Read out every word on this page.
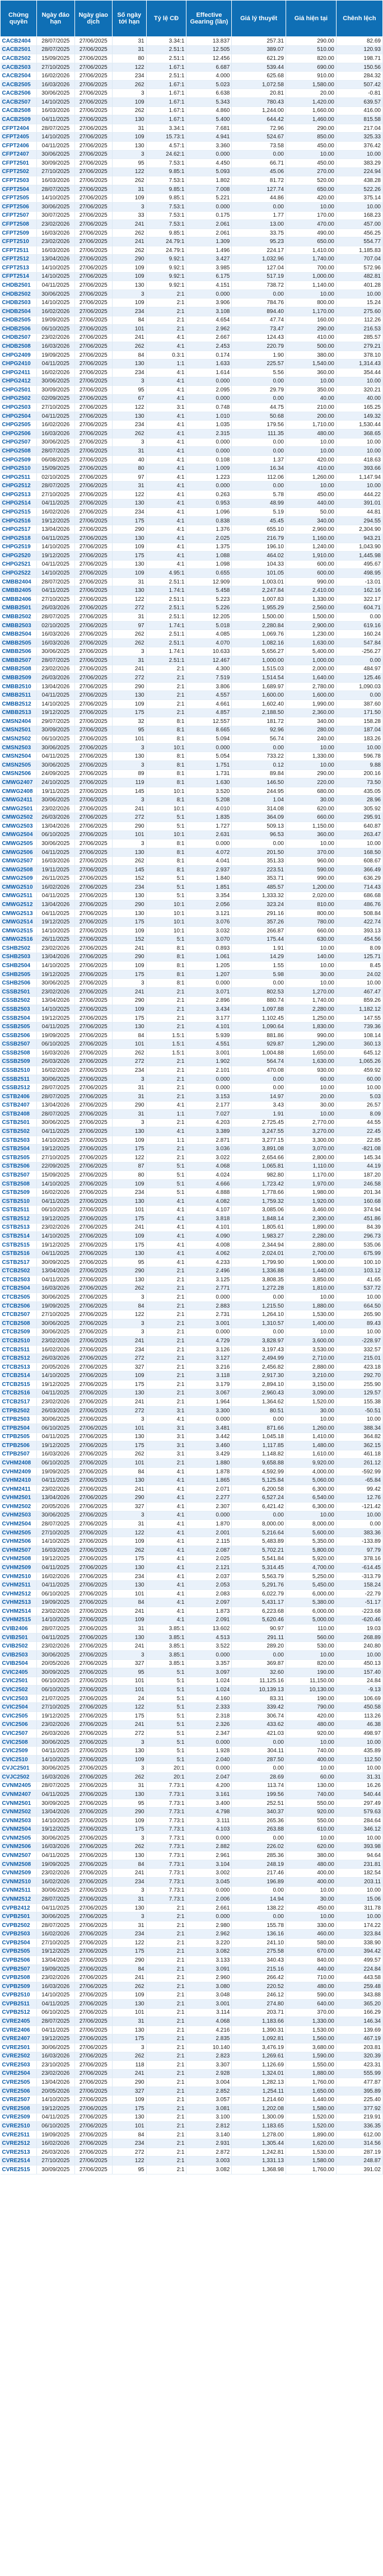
Chứng quyền	Ngày đáo hạn	Ngày giao dịch	Số ngày tới hạn	Tỷ lệ CĐ	Effective Gearing (lần)	Giá lý thuyết	Giá hiện tại	Chênh lệch
CACB2404	28/07/2025	27/06/2025	31	3.34:1	13.837	257.31	290.00	82.69
CACB2501	28/07/2025	27/06/2025	31	2.51:1	12.505	389.07	510.00	120.93
CACB2502	15/09/2025	27/06/2025	80	2.51:1	12.456	621.29	820.00	198.71
CACB2503	27/10/2025	27/06/2025	122	1.67:1	6.687	539.44	690.00	150.56
CACB2504	16/02/2026	27/06/2025	234	2.51:1	4.000	625.68	910.00	284.32
CACB2505	16/03/2026	27/06/2025	262	1.67:1	5.023	1,072.58	1,580.00	507.42
CACB2506	30/06/2025	27/06/2025	3	1.67:1	6.638	20.81	20.00	-0.81
CACB2507	14/10/2025	27/06/2025	109	1.67:1	5.343	780.43	1,420.00	639.57
CACB2508	16/03/2026	27/06/2025	262	1.67:1	4.860	1,244.00	1,660.00	416.00
CACB2509	04/11/2025	27/06/2025	130	1.67:1	5.400	644.42	1,460.00	815.58
CFPT2404	28/07/2025	27/06/2025	31	3.34:1	7.681	72.96	290.00	217.04
CFPT2405	14/10/2025	27/06/2025	109	15.73:1	4.941	524.67	850.00	325.33
CFPT2406	04/11/2025	27/06/2025	130	4.57:1	3.360	73.58	450.00	376.42
CFPT2407	30/06/2025	27/06/2025	3	24.62:1	0.000	0.00	10.00	10.00
CFPT2501	30/09/2025	27/06/2025	95	7.53:1	4.450	66.71	450.00	383.29
CFPT2502	27/10/2025	27/06/2025	122	9.85:1	5.093	45.06	270.00	224.94
CFPT2503	16/03/2026	27/06/2025	262	7.53:1	1.802	81.72	520.00	438.28
CFPT2504	28/07/2025	27/06/2025	31	9.85:1	7.008	127.74	650.00	522.26
CFPT2505	14/10/2025	27/06/2025	109	9.85:1	5.221	44.86	420.00	375.14
CFPT2506	30/06/2025	27/06/2025	3	7.53:1	0.000	0.00	10.00	10.00
CFPT2507	30/07/2025	27/06/2025	33	7.53:1	0.175	1.77	170.00	168.23
CFPT2508	23/02/2026	27/06/2025	241	7.53:1	2.061	13.00	470.00	457.00
CFPT2509	16/03/2026	27/06/2025	262	9.85:1	2.061	33.75	490.00	456.25
CFPT2510	23/02/2026	27/06/2025	241	24.79:1	1.309	95.23	650.00	554.77
CFPT2511	16/03/2026	27/06/2025	262	24.79:1	1.496	224.17	1,410.00	1,185.83
CFPT2512	13/04/2026	27/06/2025	290	9.92:1	3.427	1,032.96	1,740.00	707.04
CFPT2513	14/10/2025	27/06/2025	109	9.92:1	3.985	127.04	700.00	572.96
CFPT2514	14/10/2025	27/06/2025	109	9.92:1	6.175	517.19	1,000.00	482.81
CHDB2501	04/11/2025	27/06/2025	130	9.92:1	4.151	738.72	1,140.00	401.28
CHDB2502	30/06/2025	27/06/2025	3	2:1	0.000	0.00	10.00	10.00
CHDB2503	14/10/2025	27/06/2025	109	2:1	3.906	784.76	800.00	15.24
CHDB2504	16/02/2026	27/06/2025	234	2:1	3.108	894.40	1,170.00	275.60
CHDB2505	19/09/2025	27/06/2025	84	2:1	4.654	47.74	160.00	112.26
CHDB2506	06/10/2025	27/06/2025	101	2:1	2.962	73.47	290.00	216.53
CHDB2507	23/02/2026	27/06/2025	241	4:1	2.667	124.43	410.00	285.57
CHDB2508	16/03/2026	27/06/2025	262	4:1	2.453	220.79	500.00	279.21
CHPG2409	19/09/2025	27/06/2025	84	0.3:1	0.174	1.90	380.00	378.10
CHPG2410	04/11/2025	27/06/2025	130	1:1	1.633	225.57	1,540.00	1,314.43
CHPG2411	16/02/2026	27/06/2025	234	4:1	1.614	5.56	360.00	354.44
CHPG2412	30/06/2025	27/06/2025	3	4:1	0.000	0.00	10.00	10.00
CHPG2501	30/09/2025	27/06/2025	95	4:1	2.095	29.79	350.00	320.21
CHPG2502	02/09/2025	27/06/2025	67	4:1	0.000	0.00	40.00	40.00
CHPG2503	27/10/2025	27/06/2025	122	3:1	0.748	44.75	210.00	165.25
CHPG2504	04/11/2025	27/06/2025	130	4:1	1.010	50.68	200.00	149.32
CHPG2505	16/02/2026	27/06/2025	234	4:1	1.035	179.56	1,710.00	1,530.44
CHPG2506	16/03/2026	27/06/2025	262	4:1	2.315	111.35	480.00	368.65
CHPG2507	30/06/2025	27/06/2025	3	4:1	0.000	0.00	10.00	10.00
CHPG2508	28/07/2025	27/06/2025	31	4:1	0.000	0.00	10.00	10.00
CHPG2509	06/08/2025	27/06/2025	40	4:1	0.108	1.37	420.00	418.63
CHPG2510	15/09/2025	27/06/2025	80	4:1	1.009	16.34	410.00	393.66
CHPG2511	02/10/2025	27/06/2025	97	4:1	1.223	112.06	1,260.00	1,147.94
CHPG2512	28/07/2025	27/06/2025	31	4:1	0.000	0.00	10.00	10.00
CHPG2513	27/10/2025	27/06/2025	122	4:1	0.263	5.78	450.00	444.22
CHPG2514	04/11/2025	27/06/2025	130	4:1	0.953	48.99	440.00	391.01
CHPG2515	16/02/2026	27/06/2025	234	4:1	1.096	5.19	50.00	44.81
CHPG2516	19/12/2025	27/06/2025	175	4:1	0.838	45.45	340.00	294.55
CHPG2517	13/04/2026	27/06/2025	290	4:1	1.376	655.10	2,960.00	2,304.90
CHPG2518	04/11/2025	27/06/2025	130	4:1	2.025	216.79	1,160.00	943.21
CHPG2519	14/10/2025	27/06/2025	109	4:1	1.375	196.10	1,240.00	1,043.90
CHPG2520	19/12/2025	27/06/2025	175	4:1	1.088	464.02	1,910.00	1,445.98
CHPG2521	04/11/2025	27/06/2025	130	4:1	1.098	104.33	600.00	495.67
CHPG2522	14/10/2025	27/06/2025	109	4.95:1	0.655	101.05	600.00	498.95
CMBB2404	28/07/2025	27/06/2025	31	2.51:1	12.909	1,003.01	990.00	-13.01
CMBB2405	04/11/2025	27/06/2025	130	1.74:1	5.458	2,247.84	2,410.00	162.16
CMBB2406	27/10/2025	27/06/2025	122	2.51:1	5.223	1,007.83	1,330.00	322.17
CMBB2501	26/03/2026	27/06/2025	272	2.51:1	5.226	1,955.29	2,560.00	604.71
CMBB2502	28/07/2025	27/06/2025	31	2.51:1	12.205	1,500.00	1,500.00	0.00
CMBB2503	02/10/2025	27/06/2025	97	1.74:1	5.018	2,280.84	2,900.00	619.16
CMBB2504	16/03/2026	27/06/2025	262	2.51:1	4.085	1,069.76	1,230.00	160.24
CMBB2505	16/03/2026	27/06/2025	262	2.51:1	4.070	1,082.16	1,630.00	547.84
CMBB2506	30/06/2025	27/06/2025	3	1.74:1	10.633	5,656.27	5,400.00	-256.27
CMBB2507	28/07/2025	27/06/2025	31	2.51:1	12.467	1,000.00	1,000.00	0.00
CMBB2508	23/02/2026	27/06/2025	241	2:1	4.300	1,515.03	2,000.00	484.97
CMBB2509	26/03/2026	27/06/2025	272	2:1	7.519	1,514.54	1,640.00	125.46
CMBB2510	13/04/2026	27/06/2025	290	2:1	3.806	1,689.97	2,780.00	1,090.03
CMBB2511	04/11/2025	27/06/2025	130	2:1	4.557	1,600.00	1,600.00	0.00
CMBB2512	14/10/2025	27/06/2025	109	2:1	4.661	1,602.40	1,990.00	387.60
CMBB2513	19/12/2025	27/06/2025	175	2:1	4.857	2,188.50	2,360.00	171.50
CMSN2404	29/07/2025	27/06/2025	32	8:1	12.557	181.72	340.00	158.28
CMSN2501	30/09/2025	27/06/2025	95	8:1	8.665	92.96	280.00	187.04
CMSN2502	06/10/2025	27/06/2025	101	8:1	5.094	56.74	240.00	183.26
CMSN2503	30/06/2025	27/06/2025	3	10:1	0.000	0.00	10.00	10.00
CMSN2504	04/11/2025	27/06/2025	130	8:1	5.054	733.22	1,330.00	596.78
CMSN2505	30/06/2025	27/06/2025	3	8:1	1.751	0.12	10.00	9.88
CMSN2506	24/09/2025	27/06/2025	89	8:1	1.731	89.84	290.00	200.16
CMWG2407	24/10/2025	27/06/2025	119	8:1	1.630	146.50	220.00	73.50
CMWG2408	19/11/2025	27/06/2025	145	10:1	3.520	244.95	680.00	435.05
CMWG2411	30/06/2025	27/06/2025	3	8:1	5.208	1.04	30.00	28.96
CMWG2501	23/02/2026	27/06/2025	241	10:1	4.010	314.08	620.00	305.92
CMWG2502	26/03/2026	27/06/2025	272	5:1	1.835	364.09	660.00	295.91
CMWG2503	13/04/2026	27/06/2025	290	5:1	1.727	509.13	1,150.00	640.87
CMWG2504	06/10/2025	27/06/2025	101	10:1	2.631	96.53	360.00	263.47
CMWG2505	30/06/2025	27/06/2025	3	8:1	0.000	0.00	10.00	10.00
CMWG2506	04/11/2025	27/06/2025	130	8:1	4.072	201.50	370.00	168.50
CMWG2507	16/03/2026	27/06/2025	262	8:1	4.041	351.33	960.00	608.67
CMWG2508	19/11/2025	27/06/2025	145	8:1	2.937	223.51	590.00	366.49
CMWG2509	26/11/2025	27/06/2025	152	5:1	1.840	353.71	990.00	636.29
CMWG2510	16/02/2026	27/06/2025	234	5:1	1.851	485.57	1,200.00	714.43
CMWG2511	04/11/2025	27/06/2025	130	5:1	3.354	1,333.32	2,020.00	686.68
CMWG2512	13/04/2026	27/06/2025	290	10:1	2.056	323.24	810.00	486.76
CMWG2513	04/11/2025	27/06/2025	130	10:1	3.121	291.16	800.00	508.84
CMWG2514	19/12/2025	27/06/2025	175	10:1	3.076	357.26	780.00	422.74
CMWG2515	14/10/2025	27/06/2025	109	10:1	3.032	266.87	660.00	393.13
CMWG2516	26/11/2025	27/06/2025	152	5:1	3.070	175.44	630.00	454.56
CSHB2502	23/02/2026	27/06/2025	241	8:1	0.893	1.91	10.00	8.09
CSHB2503	13/04/2026	27/06/2025	290	8:1	1.061	14.29	140.00	125.71
CSHB2504	14/10/2025	27/06/2025	109	8:1	1.205	1.55	10.00	8.45
CSHB2505	19/12/2025	27/06/2025	175	8:1	1.207	5.98	30.00	24.02
CSHB2506	30/06/2025	27/06/2025	3	8:1	0.000	0.00	10.00	10.00
CSSB2501	23/02/2026	27/06/2025	241	2:1	3.071	802.53	1,270.00	467.47
CSSB2502	13/04/2026	27/06/2025	290	2:1	2.896	880.74	1,740.00	859.26
CSSB2503	14/10/2025	27/06/2025	109	2:1	3.434	1,097.88	2,280.00	1,182.12
CSSB2504	19/12/2025	27/06/2025	175	2:1	3.177	1,102.45	1,250.00	147.55
CSSB2505	04/11/2025	27/06/2025	130	2:1	4.101	1,090.64	1,830.00	739.36
CSSB2506	19/09/2025	27/06/2025	84	1.5:1	5.939	881.86	990.00	108.14
CSSB2507	06/10/2025	27/06/2025	101	1.5:1	4.551	929.87	1,290.00	360.13
CSSB2508	16/03/2026	27/06/2025	262	1.5:1	3.001	1,004.88	1,650.00	645.12
CSSB2509	26/03/2026	27/06/2025	272	2:1	1.902	564.74	1,630.00	1,065.26
CSSB2510	16/02/2026	27/06/2025	234	2:1	2.101	470.08	930.00	459.92
CSSB2511	30/06/2025	27/06/2025	3	2:1	0.000	0.00	60.00	60.00
CSSB2512	28/07/2025	27/06/2025	31	2:1	0.000	0.00	10.00	10.00
CSTB2406	28/07/2025	27/06/2025	31	2:1	3.153	14.97	20.00	5.03
CSTB2407	13/04/2026	27/06/2025	290	4:1	2.177	3.43	30.00	26.57
CSTB2408	28/07/2025	27/06/2025	31	1:1	7.027	1.91	10.00	8.09
CSTB2501	30/06/2025	27/06/2025	3	2:1	4.203	2.725.45	2,770.00	44.55
CSTB2502	04/11/2025	27/06/2025	130	4:1	3.389	3,247.55	3,270.00	22.45
CSTB2503	14/10/2025	27/06/2025	109	1:1	2.871	3,277.15	3,300.00	22.85
CSTB2504	19/12/2025	27/06/2025	175	2:1	3.036	3,891.08	3,070.00	-821.08
CSTB2505	27/10/2025	27/06/2025	122	2:1	3.022	2,654.66	2,800.00	145.34
CSTB2506	22/09/2025	27/06/2025	87	5:1	4.068	1,065.81	1,110.00	44.19
CSTB2507	15/09/2025	27/06/2025	80	5:1	4.024	982.80	1,170.00	187.20
CSTB2508	14/10/2025	27/06/2025	109	5:1	4.666	1,723.42	1,970.00	246.58
CSTB2509	16/02/2026	27/06/2025	234	5:1	4.888	1,778.66	1,980.00	201.34
CSTB2510	04/11/2025	27/06/2025	130	4:1	4.082	1,759.32	1,920.00	160.68
CSTB2511	06/10/2025	27/06/2025	101	4:1	4.107	3,085.06	3,460.00	374.94
CSTB2512	19/12/2025	27/06/2025	175	4:1	3.818	1,848.14	2,300.00	451.86
CSTB2513	23/02/2026	27/06/2025	241	4:1	4.101	1,805.61	1,890.00	84.39
CSTB2514	14/10/2025	27/06/2025	109	4:1	4.090	1,983.27	2,280.00	296.73
CSTB2515	19/12/2025	27/06/2025	175	4:1	4.008	2,344.94	2,880.00	535.06
CSTB2516	04/11/2025	27/06/2025	130	4:1	4.062	2,024.01	2,700.00	675.99
CSTB2517	30/09/2025	27/06/2025	95	4:1	4.233	1,799.90	1,900.00	100.10
CTCB2502	13/04/2026	27/06/2025	290	2:1	2.496	1,336.88	1,440.00	103.12
CTCB2503	04/11/2025	27/06/2025	130	2:1	3.125	3,808.35	3,850.00	41.65
CTCB2504	16/03/2026	27/06/2025	262	2:1	2.771	1,272.28	1,810.00	537.72
CTCB2505	30/06/2025	27/06/2025	3	2:1	0.000	0.00	10.00	10.00
CTCB2506	19/09/2025	27/06/2025	84	2:1	2.883	1,215.50	1,880.00	664.50
CTCB2507	27/10/2025	27/06/2025	122	2:1	2.731	1,264.10	1,530.00	265.90
CTCB2508	30/06/2025	27/06/2025	3	2:1	3.001	1,310.57	1,400.00	89.43
CTCB2509	30/06/2025	27/06/2025	3	2:1	0.000	0.00	10.00	10.00
CTCB2510	23/02/2026	27/06/2025	241	2:1	4.729	3,828.97	3,600.00	-228.97
CTCB2511	16/02/2026	27/06/2025	234	2:1	3.126	3,197.43	3,530.00	332.57
CTCB2512	26/03/2026	27/06/2025	272	2:1	3.127	2,494.99	2,710.00	215.01
CTCB2513	20/05/2026	27/06/2025	327	2:1	3.216	2,456.82	2,880.00	423.18
CTCB2514	14/10/2025	27/06/2025	109	2:1	3.118	2,917.30	3,210.00	292.70
CTCB2515	19/12/2025	27/06/2025	175	2:1	3.179	2,894.10	3,150.00	255.90
CTCB2516	04/11/2025	27/06/2025	130	2:1	3.067	2,960.43	3,090.00	129.57
CTCB2517	23/02/2026	27/06/2025	241	2:1	1.964	1,364.62	1,520.00	155.38
CTPB2502	26/03/2026	27/06/2025	272	3:1	3.300	80.51	30.00	-50.51
CTPB2503	30/06/2025	27/06/2025	3	4:1	0.000	0.00	10.00	10.00
CTPB2504	06/10/2025	27/06/2025	101	3:1	3.481	871.66	1,260.00	388.34
CTPB2505	04/11/2025	27/06/2025	130	3:1	3.442	1,045.18	1,410.00	364.82
CTPB2506	19/12/2025	27/06/2025	175	3:1	3.460	1,117.85	1,480.00	362.15
CTPB2507	16/03/2026	27/06/2025	262	3:1	3.429	1,148.82	1,610.00	461.18
CVHM2408	06/10/2025	27/06/2025	101	2:1	1.880	9,658.88	9,920.00	261.12
CVHM2409	19/09/2025	27/06/2025	84	4:1	1.878	4,592.99	4,000.00	-592.99
CVHM2410	04/11/2025	27/06/2025	130	4:1	1.865	5,125.84	5,060.00	-65.84
CVHM2411	23/02/2026	27/06/2025	241	4:1	2.071	6,200.58	6,300.00	99.42
CVHM2501	13/04/2026	27/06/2025	290	4:1	2.277	6,527.24	6,540.00	12.76
CVHM2502	20/05/2026	27/06/2025	327	4:1	2.307	6,421.42	6,300.00	-121.42
CVHM2503	30/06/2025	27/06/2025	3	4:1	0.000	0.00	10.00	10.00
CVHM2504	28/07/2025	27/06/2025	31	4:1	1.870	8,000.00	8,000.00	0.00
CVHM2505	27/10/2025	27/06/2025	122	4:1	2.001	5,216.64	5,600.00	383.36
CVHM2506	14/10/2025	27/06/2025	109	4:1	2.115	5,483.89	5,350.00	-133.89
CVHM2507	16/03/2026	27/06/2025	262	4:1	2.087	5,702.21	5,800.00	97.79
CVHM2508	19/12/2025	27/06/2025	175	4:1	2.025	5,541.84	5,920.00	378.16
CVHM2509	04/11/2025	27/06/2025	130	4:1	2.121	5,314.45	4,700.00	-614.45
CVHM2510	16/02/2026	27/06/2025	234	4:1	2.037	5,563.79	5,250.00	-313.79
CVHM2511	04/11/2025	27/06/2025	130	4:1	2.053	5,291.76	5,450.00	158.24
CVHM2512	06/10/2025	27/06/2025	101	4:1	2.083	6,022.79	6,000.00	-22.79
CVHM2513	19/09/2025	27/06/2025	84	4:1	2.097	5,431.17	5,380.00	-51.17
CVHM2514	23/02/2026	27/06/2025	241	4:1	1.873	6,223.68	6,000.00	-223.68
CVHM2515	14/10/2025	27/06/2025	109	4:1	2.091	5,620.46	5,000.00	-620.46
CVIB2406	28/07/2025	27/06/2025	31	3.85:1	13.602	90.97	110.00	19.03
CVIB2501	04/11/2025	27/06/2025	130	3.85:1	4.513	291.11	560.00	268.89
CVIB2502	23/02/2026	27/06/2025	241	3.85:1	3.522	289.20	530.00	240.80
CVIB2503	30/06/2025	27/06/2025	3	3.85:1	0.000	0.00	10.00	10.00
CVIB2504	20/05/2026	27/06/2025	327	3.85:1	3.357	369.87	820.00	450.13
CVIC2405	30/09/2025	27/06/2025	95	5:1	3.097	32.60	190.00	157.40
CVIC2501	06/10/2025	27/06/2025	101	5:1	1.024	11,125.16	11,150.00	24.84
CVIC2502	06/10/2025	27/06/2025	101	5:1	1.024	10,139.13	10,130.00	-9.13
CVIC2503	21/07/2025	27/06/2025	24	5:1	4.160	83.31	190.00	106.69
CVIC2504	27/10/2025	27/06/2025	122	5:1	2.333	339.42	790.00	450.58
CVIC2505	19/12/2025	27/06/2025	175	5:1	2.318	306.74	420.00	113.26
CVIC2506	23/02/2026	27/06/2025	241	5:1	2.326	433.62	480.00	46.38
CVIC2507	26/03/2026	27/06/2025	272	5:1	2.347	421.03	920.00	498.97
CVIC2508	30/06/2025	27/06/2025	3	5:1	0.000	0.00	10.00	10.00
CVIC2509	04/11/2025	27/06/2025	130	5:1	1.928	304.11	740.00	435.89
CVIC2510	14/10/2025	27/06/2025	109	5:1	2.040	287.50	400.00	112.50
CVJC2501	30/06/2025	27/06/2025	3	20:1	0.000	0.00	10.00	10.00
CVJC2502	16/03/2026	27/06/2025	262	20:1	2.047	28.69	60.00	31.31
CVNM2405	28/07/2025	27/06/2025	31	7.73:1	4.200	113.74	130.00	16.26
CVNM2407	04/11/2025	27/06/2025	130	7.73:1	3.161	199.56	740.00	540.44
CVNM2501	30/09/2025	27/06/2025	95	7.73:1	3.400	252.51	550.00	297.49
CVNM2502	13/04/2026	27/06/2025	290	7.73:1	4.798	340.37	920.00	579.63
CVNM2503	14/10/2025	27/06/2025	109	7.73:1	3.111	265.36	550.00	284.64
CVNM2504	19/12/2025	27/06/2025	175	7.73:1	4.103	263.88	610.00	346.12
CVNM2505	30/06/2025	27/06/2025	3	7.73:1	0.000	0.00	10.00	10.00
CVNM2506	16/03/2026	27/06/2025	262	7.73:1	2.882	226.02	620.00	393.98
CVNM2507	04/11/2025	27/06/2025	130	7.73:1	2.961	285.36	380.00	94.64
CVNM2508	19/09/2025	27/06/2025	84	7.73:1	3.104	248.19	480.00	231.81
CVNM2509	23/02/2026	27/06/2025	241	7.73:1	3.002	217.46	400.00	182.54
CVNM2510	16/02/2026	27/06/2025	234	7.73:1	3.045	196.89	400.00	203.11
CVNM2511	30/06/2025	27/06/2025	3	7.73:1	0.000	0.00	10.00	10.00
CVNM2512	28/07/2025	27/06/2025	31	7.73:1	2.006	14.94	30.00	15.06
CVPB2412	04/11/2025	27/06/2025	130	2:1	2.661	138.22	450.00	311.78
CVPB2501	30/06/2025	27/06/2025	3	2:1	0.000	0.00	10.00	10.00
CVPB2502	28/07/2025	27/06/2025	31	2:1	2.980	155.78	330.00	174.22
CVPB2503	16/02/2026	27/06/2025	234	2:1	2.962	136.16	460.00	323.84
CVPB2504	27/10/2025	27/06/2025	122	2:1	3.220	241.10	580.00	338.90
CVPB2505	19/12/2025	27/06/2025	175	2:1	3.082	275.58	670.00	394.42
CVPB2506	13/04/2026	27/06/2025	290	2:1	3.133	340.43	840.00	499.57
CVPB2507	19/09/2025	27/06/2025	84	2:1	3.091	215.16	440.00	224.84
CVPB2508	23/02/2026	27/06/2025	241	2:1	2.960	266.42	710.00	443.58
CVPB2509	16/03/2026	27/06/2025	262	2:1	3.080	220.52	480.00	259.48
CVPB2510	14/10/2025	27/06/2025	109	2:1	3.048	246.12	590.00	343.88
CVPB2511	04/11/2025	27/06/2025	130	2:1	3.001	274.80	640.00	365.20
CVPB2512	06/10/2025	27/06/2025	101	2:1	3.114	203.71	370.00	166.29
CVRE2405	28/07/2025	27/06/2025	31	2:1	4.068	1,183.66	1,330.00	146.34
CVRE2406	04/11/2025	27/06/2025	130	2:1	4.216	1,390.31	1,530.00	139.69
CVRE2407	19/12/2025	27/06/2025	175	2:1	2.835	1,092.81	1,560.00	467.19
CVRE2501	30/06/2025	27/06/2025	3	2:1	10.140	3,476.19	3,680.00	203.81
CVRE2502	16/03/2026	27/06/2025	262	2:1	2.823	1,269.61	1,590.00	320.39
CVRE2503	23/10/2025	27/06/2025	118	2:1	3.307	1,126.69	1,550.00	423.31
CVRE2504	23/02/2026	27/06/2025	241	2:1	2.928	1,324.01	1,880.00	555.99
CVRE2505	13/04/2026	27/06/2025	290	2:1	3.004	1,282.13	1,760.00	477.87
CVRE2506	20/05/2026	27/06/2025	327	2:1	2.852	1,254.11	1,650.00	395.89
CVRE2507	14/10/2025	27/06/2025	109	2:1	3.057	1,214.60	1,440.00	225.40
CVRE2508	19/12/2025	27/06/2025	175	2:1	3.081	1,202.08	1,580.00	377.92
CVRE2509	04/11/2025	27/06/2025	130	2:1	3.100	1,300.09	1,520.00	219.91
CVRE2510	06/10/2025	27/06/2025	101	2:1	2.812	1,183.65	1,520.00	336.35
CVRE2511	19/09/2025	27/06/2025	84	2:1	3.140	1,278.00	1,890.00	612.00
CVRE2512	16/02/2026	27/06/2025	234	2:1	2.931	1,305.44	1,620.00	314.56
CVRE2513	26/03/2026	27/06/2025	272	2:1	2.872	1,242.81	1,530.00	287.19
CVRE2514	27/10/2025	27/06/2025	122	2:1	3.003	1,331.13	1,580.00	248.87
CVRE2515	30/09/2025	27/06/2025	95	2:1	3.082	1,368.98	1,760.00	391.02
